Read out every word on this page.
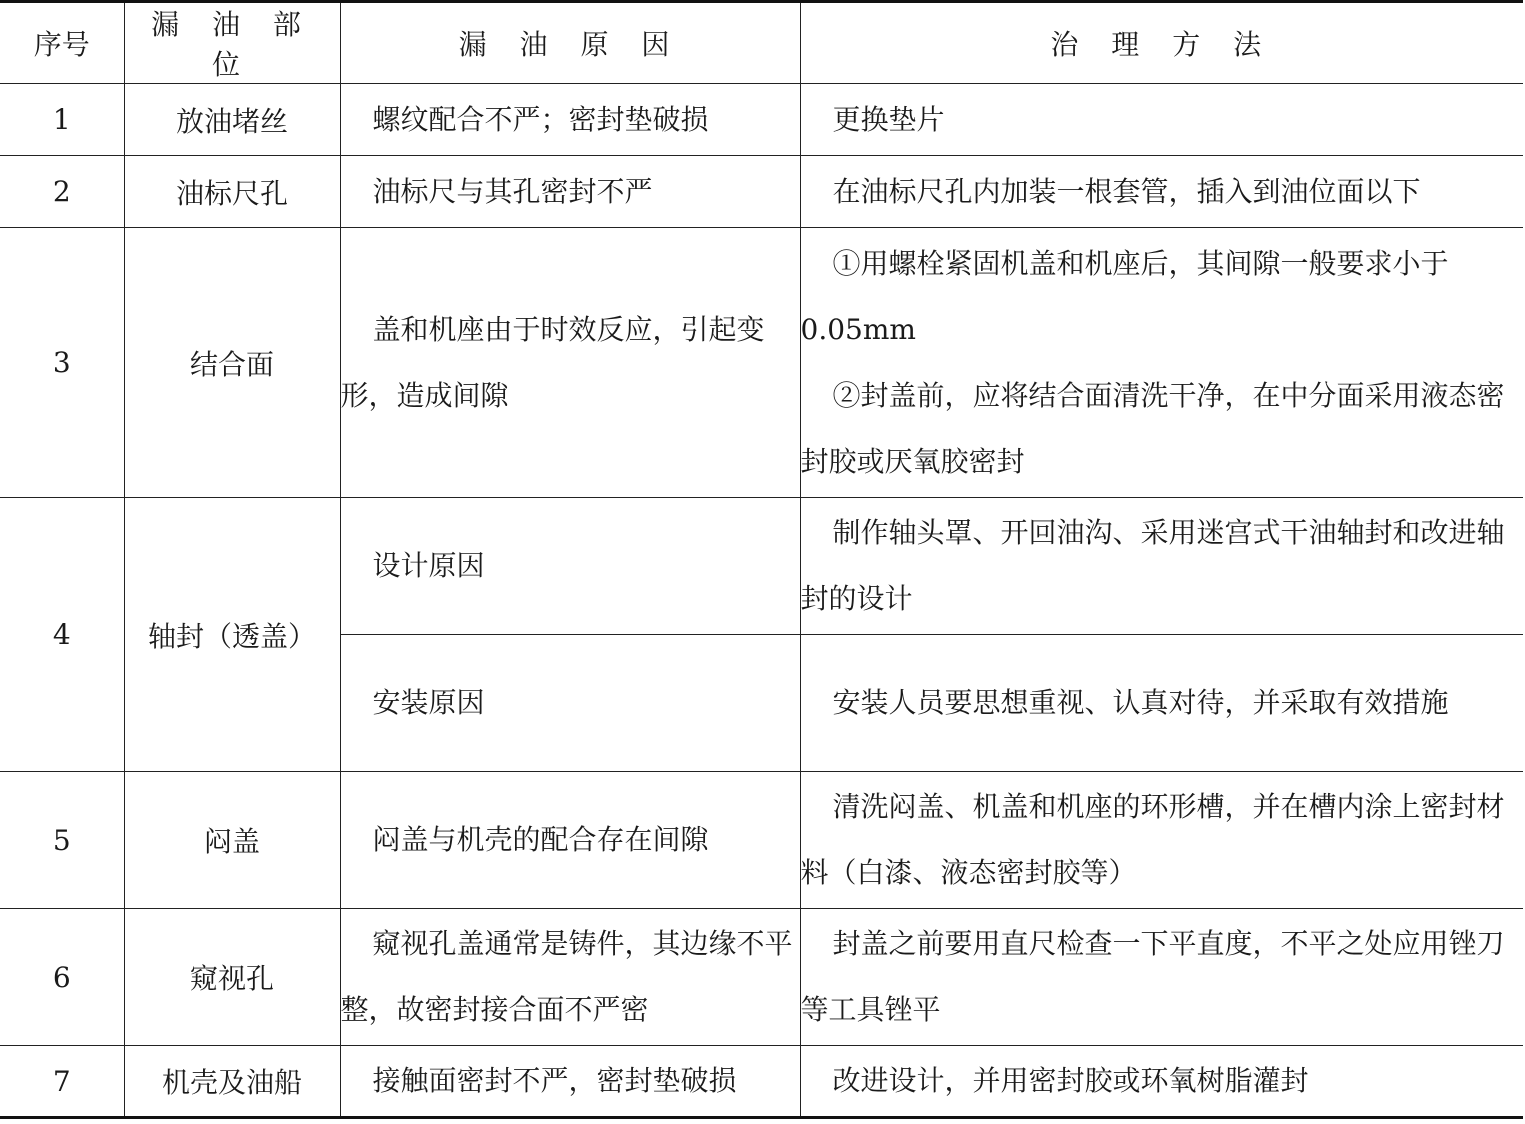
序号	漏 油 部 位	漏 油 原 因	治 理 方 法
1	放油堵丝	螺纹配合不严；密封垫破损	更换垫片
2	油标尺孔	油标尺与其孔密封不严	在油标尺孔内加装一根套管，插入到油位面以下
3	结合面	盖和机座由于时效反应，引起变形，造成间隙	①用螺栓紧固机盖和机座后，其间隙一般要求小于 0.05mm
②封盖前，应将结合面清洗干净，在中分面采用液态密封胶或厌氧胶密封

4	轴封（透盖）	设计原因	制作轴头罩、开回油沟、采用迷宫式干油轴封和改进轴封的设计
		安装原因	安装人员要思想重视、认真对待，并采取有效措施
5	闷盖	闷盖与机壳的配合存在间隙	清洗闷盖、机盖和机座的环形槽，并在槽内涂上密封材料（白漆、液态密封胶等）
6	窥视孔	窥视孔盖通常是铸件，其边缘不平整，故密封接合面不严密	封盖之前要用直尺检查一下平直度，不平之处应用锉刀等工具锉平
7	机壳及油船	接触面密封不严，密封垫破损	改进设计，并用密封胶或环氧树脂灌封
